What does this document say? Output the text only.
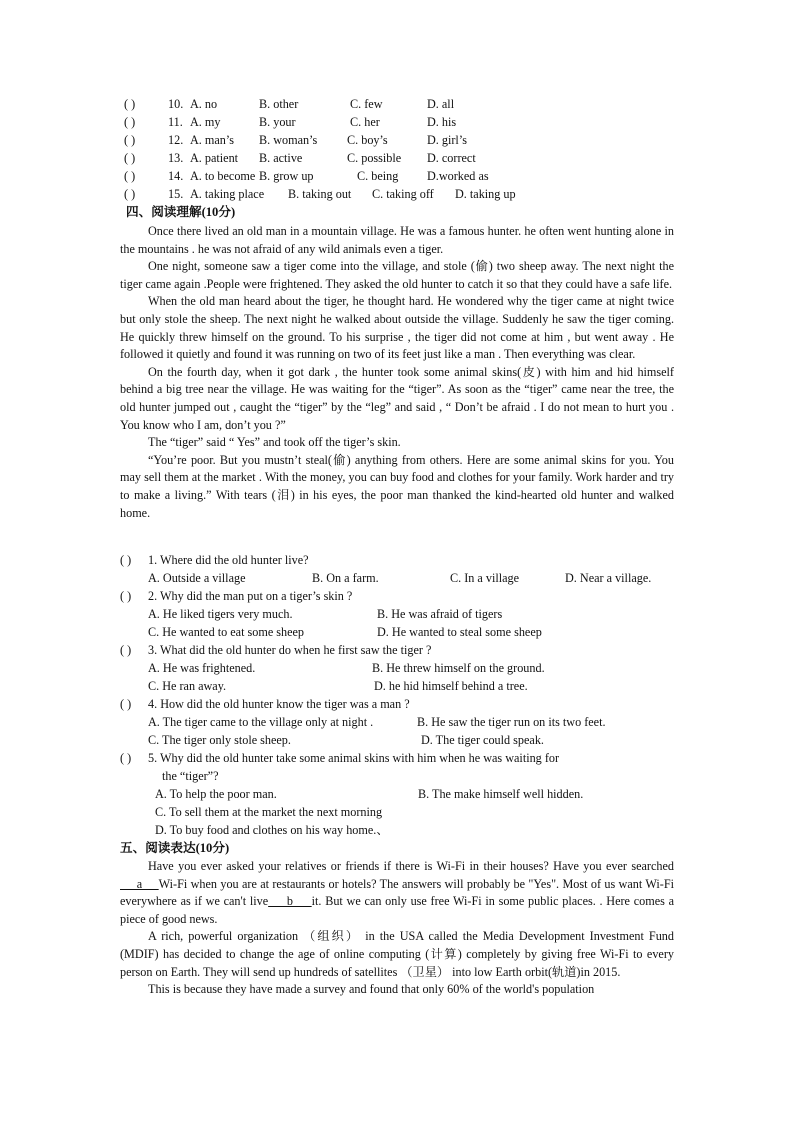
( )	10. A. no	B. other	C. few	D. all
( )	11. A. my	B. your	C. her	D. his
( )	12. A. man’s B. woman’s C. boy’s	D. girl’s
( )	13. A. patient B. active	C. possible D. correct
( )	14. A. to become B. grow up	C. being D.worked as
( )	15. A. taking place B. taking out C. taking off D. taking up
四、阅读理解(10分)

Once there lived an old man in a mountain village. He was a famous hunter. he often went hunting alone in the mountains . he was not afraid of any wild animals even a tiger.

One night, someone saw a tiger come into the village, and stole (偷) two sheep away. The next night the tiger came again .People were frightened. They asked the old hunter to catch it so that they could have a safe life.

When the old man heard about the tiger, he thought hard. He wondered why the tiger came at night twice but only stole the sheep. The next night he walked about outside the village. Suddenly he saw the tiger coming. He quickly threw himself on the ground. To his surprise , the tiger did not come at him , but went away . He followed it quietly and found it was running on two of its feet just like a man . Then everything was clear.

On the fourth day, when it got dark , the hunter took some animal skins(皮) with him and hid himself behind a big tree near the village. He was waiting for the “tiger”. As soon as the “tiger” came near the tree, the old hunter jumped out , caught the “tiger” by the “leg” and said , “ Don’t be afraid . I do not mean to hurt you . You know who I am, don’t you ?”

The “tiger” said “ Yes” and took off the tiger’s skin.

“You’re poor. But you mustn’t steal(偷) anything from others. Here are some animal skins for you. You may sell them at the market . With the money, you can buy food and clothes for your family. Work harder and try to make a living.” With tears (泪) in his eyes, the poor man thanked the kind-hearted old hunter and walked home.

( ) 1. Where did the old hunter live?
A. Outside a village	B. On a farm.	C. In a village	D. Near a village.
( ) 2. Why did the man put on a tiger’s skin ?
A. He liked tigers very much.	B. He was afraid of tigers
C. He wanted to eat some sheep	D. He wanted to steal some sheep
( ) 3. What did the old hunter do when he first saw the tiger ?
A. He was frightened.	B. He threw himself on the ground.
C. He ran away.	D. he hid himself behind a tree.
( ) 4. How did the old hunter know the tiger was a man ?
A. The tiger came to the village only at night .	B. He saw the tiger run on its two feet.
C. The tiger only stole sheep.	D. The tiger could speak.
( ) 5. Why did the old hunter take some animal skins with him when he was waiting for
the “tiger”?
A. To help the poor man.	B. The make himself well hidden.
C. To sell them at the market the next morning
D. To buy food and clothes on his way home.、
五、阅读表达(10分)

Have you ever asked your relatives or friends if there is Wi-Fi in their houses? Have you ever searched     a     Wi-Fi when you are at restaurants or hotels? The answers will probably be "Yes". Most of us want Wi-Fi everywhere as if we can't live     b     it. But we can only use free Wi-Fi in some public places. . Here comes a piece of good news.

A rich, powerful organization （组织） in the USA called the Media Development Investment Fund (MDIF) has decided to change the age of online computing (计算) completely by giving free Wi-Fi to every person on Earth. They will send up hundreds of satellites （卫星） into low Earth orbit(轨道)in 2015.

This is because they have made a survey and found that only 60% of the world's population
